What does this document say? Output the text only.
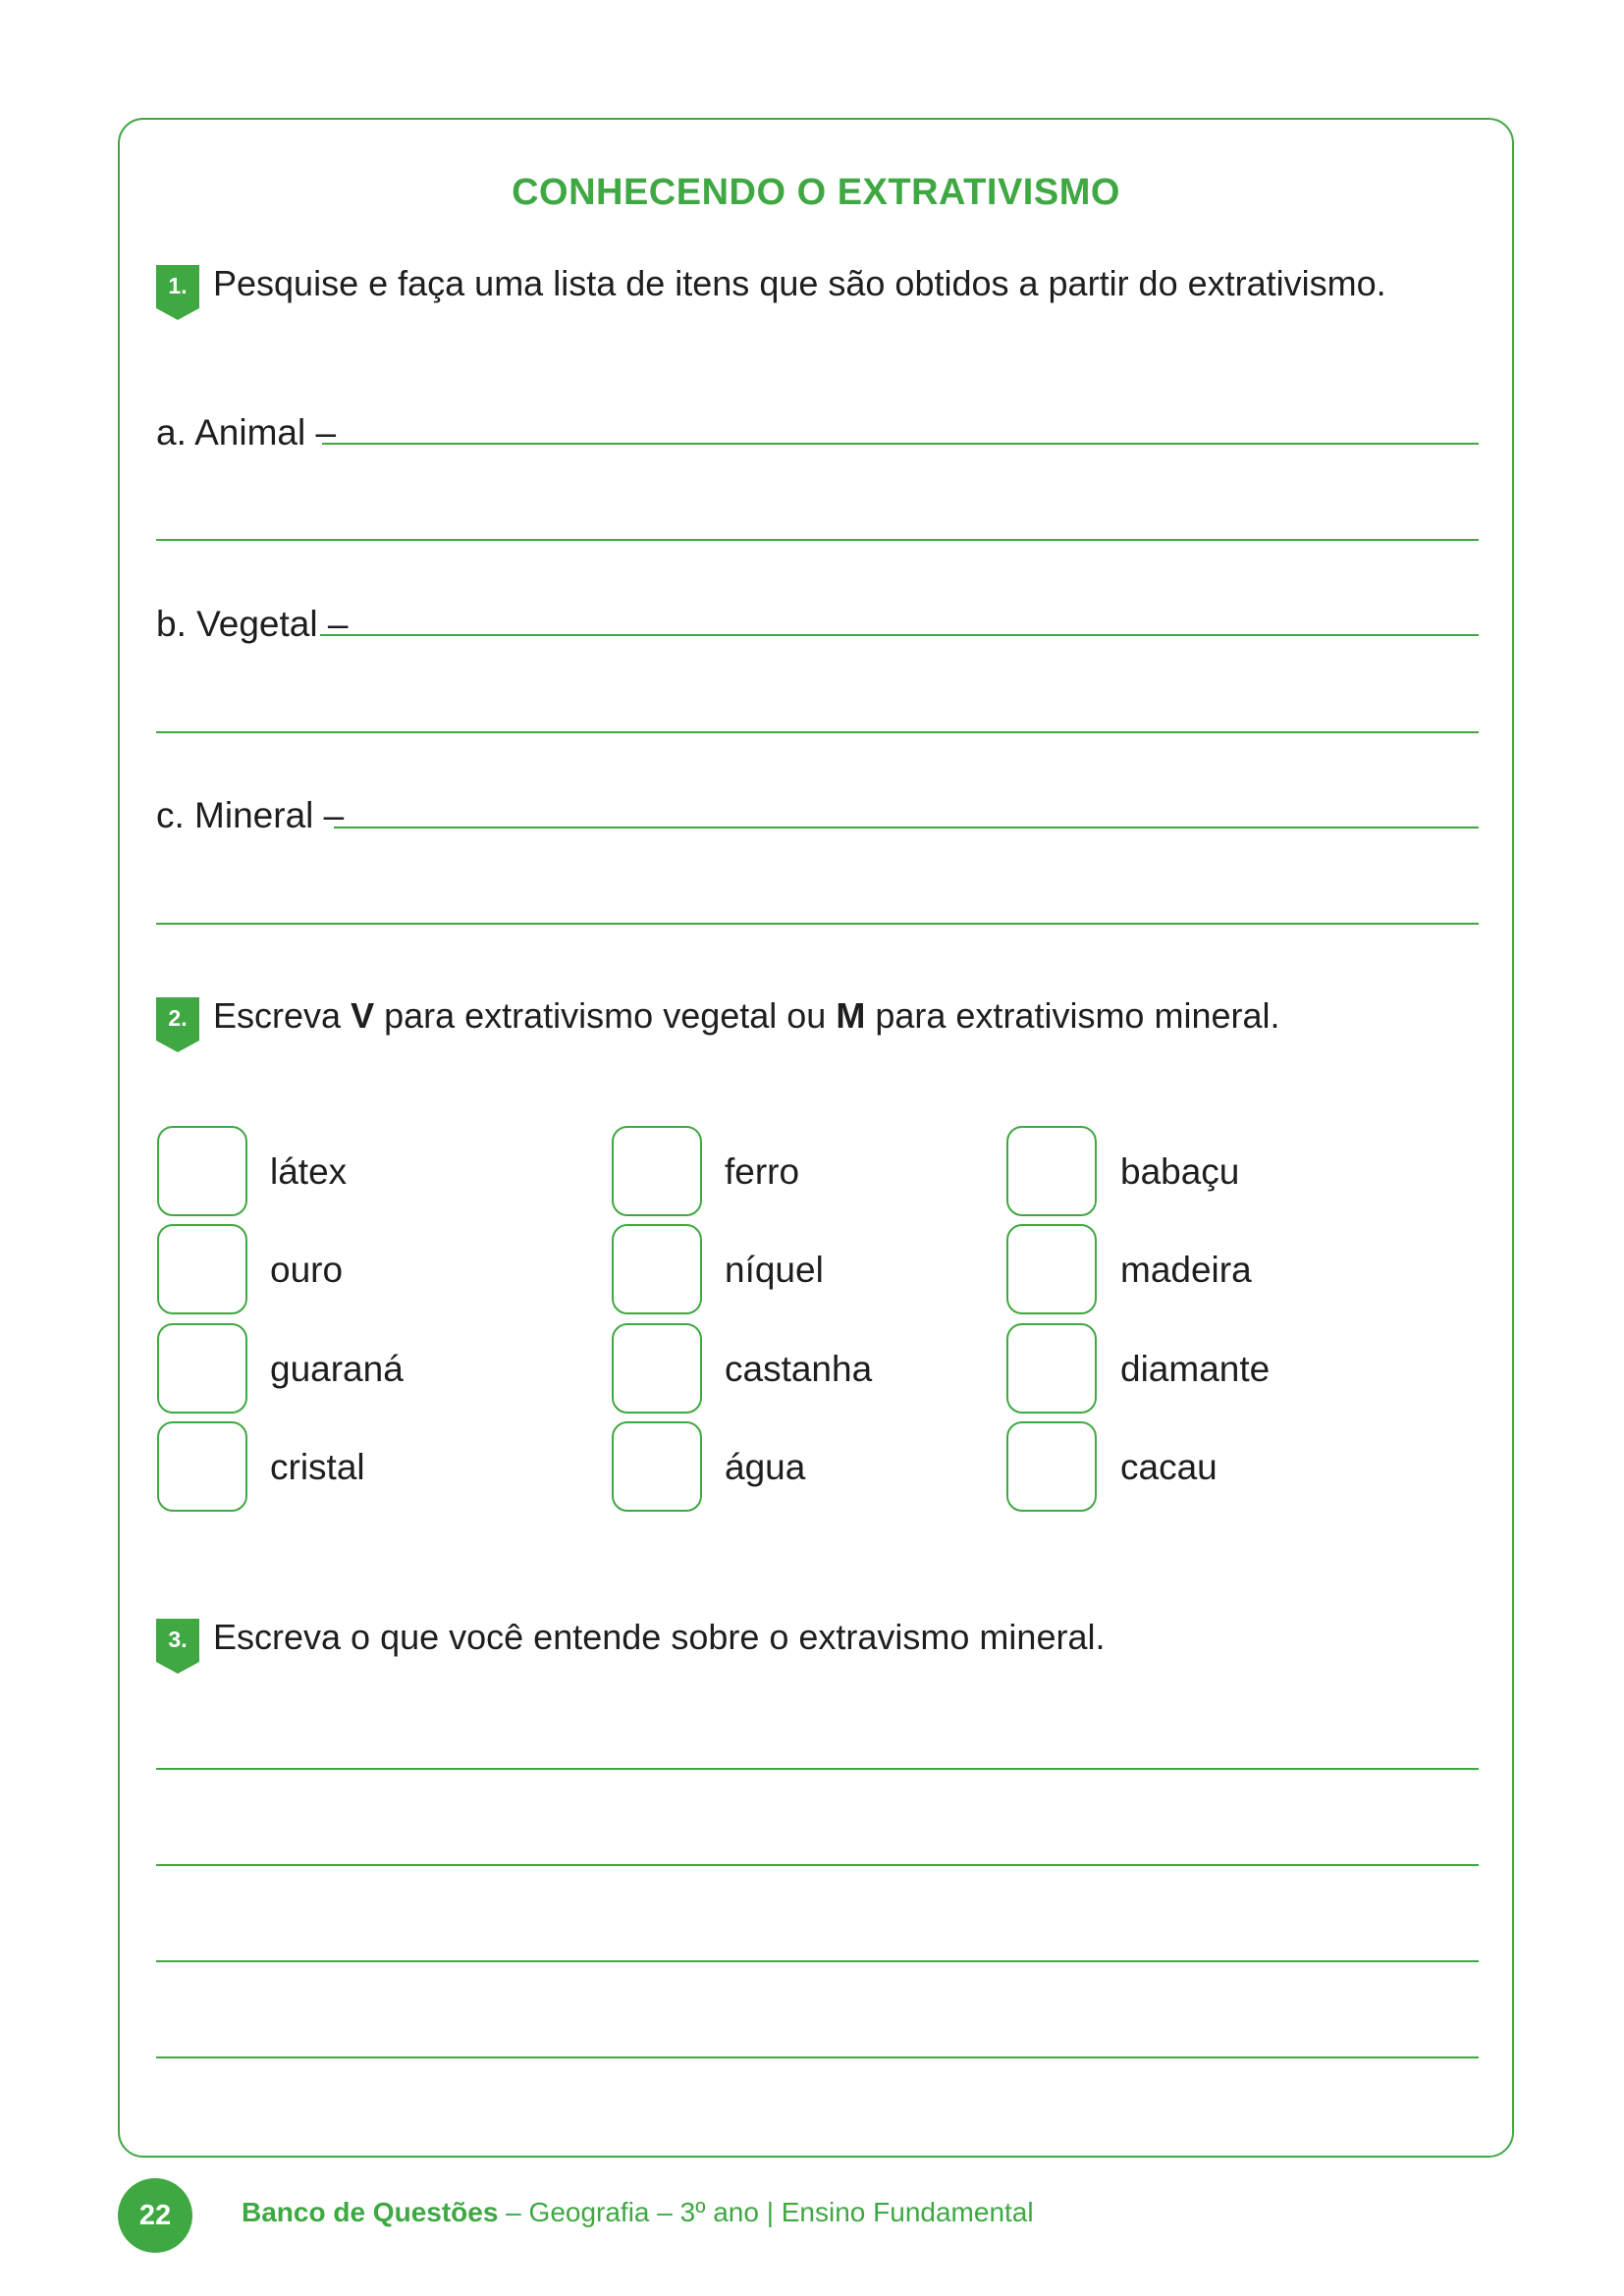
CONHECENDO O EXTRATIVISMO
1. Pesquise e faça uma lista de itens que são obtidos a partir do extrativismo.
a. Animal –
b. Vegetal –
c. Mineral –
2. Escreva V para extrativismo vegetal ou M para extrativismo mineral.
látex
ouro
guaraná
cristal
ferro
níquel
castanha
água
babaçu
madeira
diamante
cacau
3. Escreva o que você entende sobre o extravismo mineral.
22	Banco de Questões – Geografia – 3º ano | Ensino Fundamental
